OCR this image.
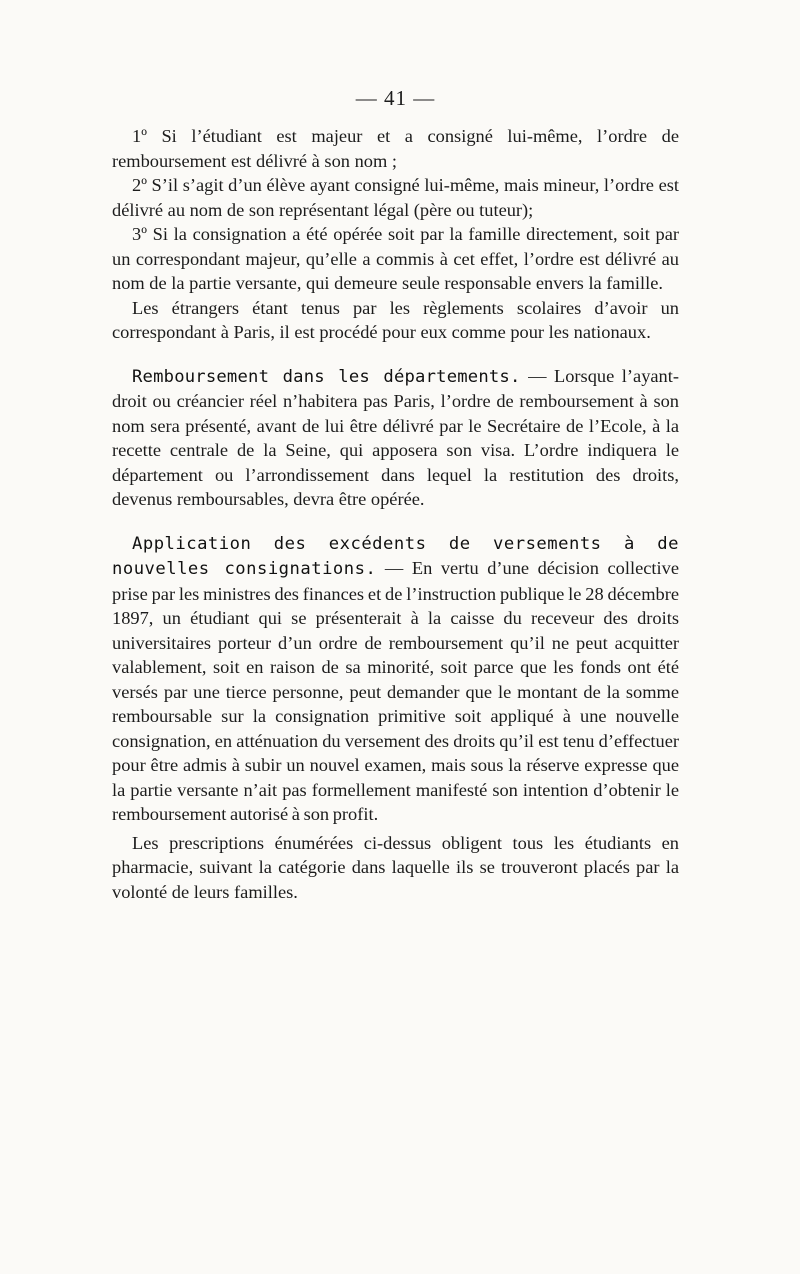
— 41 —

1º Si l’étudiant est majeur et a consigné lui-même, l’ordre de remboursement est délivré à son nom ;

2º S’il s’agit d’un élève ayant consigné lui-même, mais mineur, l’ordre est délivré au nom de son représentant légal (père ou tuteur);

3º Si la consignation a été opérée soit par la famille directement, soit par un correspondant majeur, qu’elle a commis à cet effet, l’ordre est délivré au nom de la partie versante, qui demeure seule responsable envers la famille.

Les étrangers étant tenus par les règlements scolaires d’avoir un correspondant à Paris, il est procédé pour eux comme pour les nationaux.

Remboursement dans les départements. — Lorsque l’ayant-droit ou créancier réel n’habitera pas Paris, l’ordre de remboursement à son nom sera présenté, avant de lui être délivré par le Secrétaire de l’Ecole, à la recette centrale de la Seine, qui apposera son visa. L’ordre indiquera le département ou l’arrondissement dans lequel la restitution des droits, devenus remboursables, devra être opérée.

Application des excédents de versements à de nouvelles consignations. — En vertu d’une décision collective prise par les ministres des finances et de l’instruction publique le 28 décembre 1897, un étudiant qui se présenterait à la caisse du receveur des droits universitaires porteur d’un ordre de remboursement qu’il ne peut acquitter valablement, soit en raison de sa minorité, soit parce que les fonds ont été versés par une tierce personne, peut demander que le montant de la somme remboursable sur la consignation primitive soit appliqué à une nouvelle consignation, en atténuation du versement des droits qu’il est tenu d’effectuer pour être admis à subir un nouvel examen, mais sous la réserve expresse que la partie versante n’ait pas formellement manifesté son intention d’obtenir le remboursement autorisé à son profit.

Les prescriptions énumérées ci-dessus obligent tous les étudiants en pharmacie, suivant la catégorie dans laquelle ils se trouveront placés par la volonté de leurs familles.
